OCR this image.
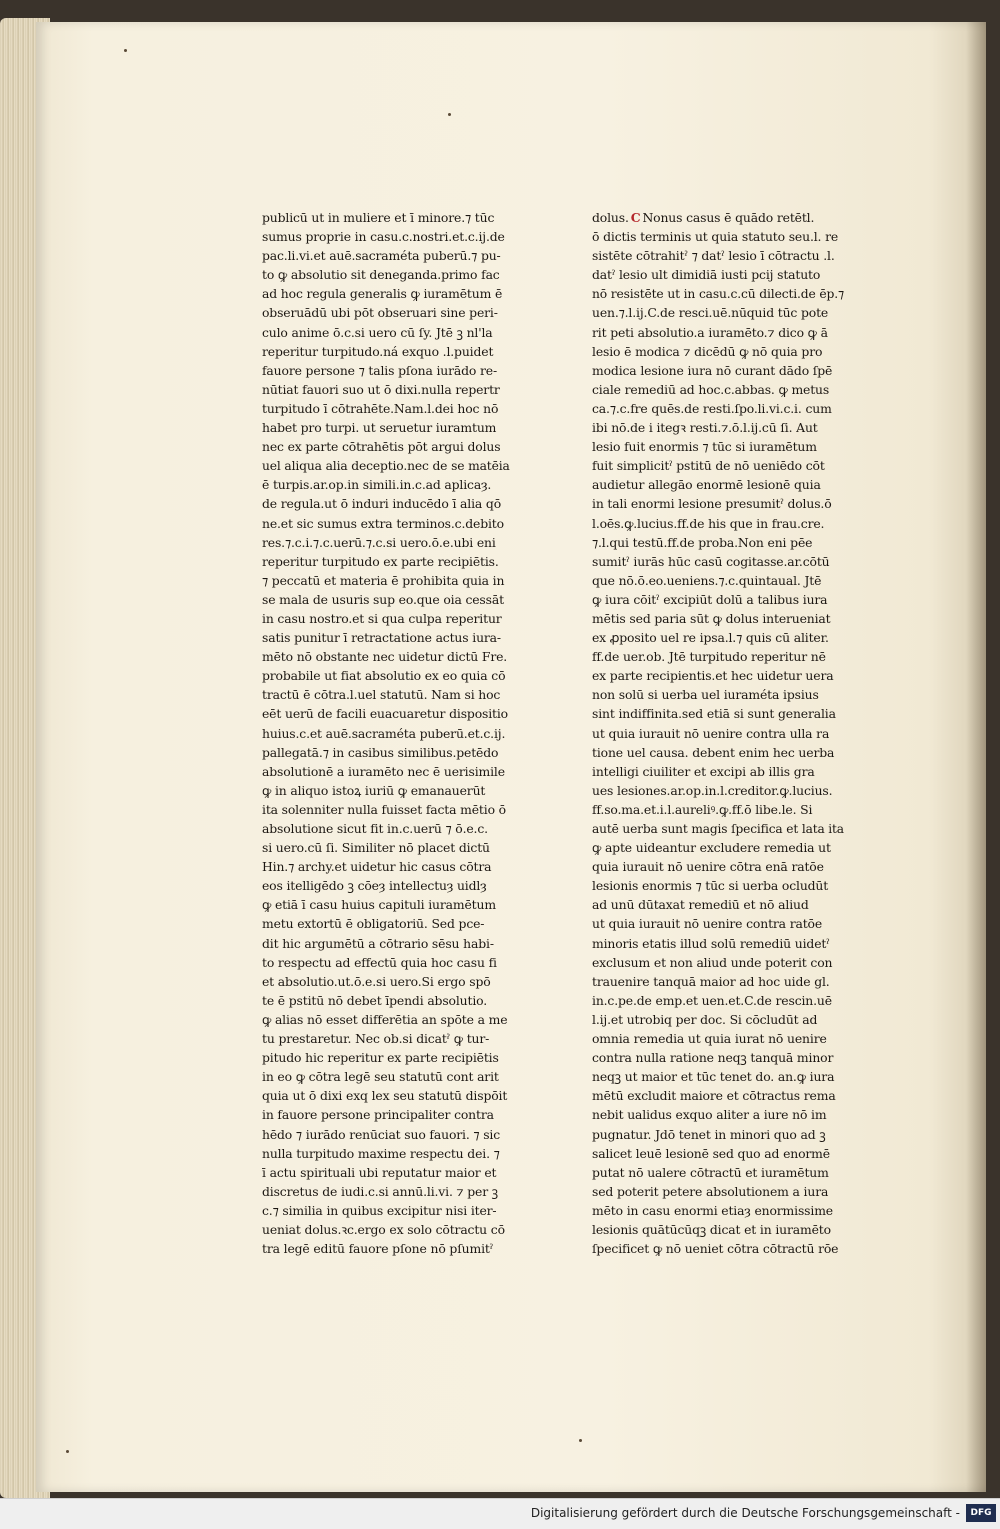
publicū ut in muliere et ī minore.⁊ tūc
sumus proprie in casu.c.nostri.et.c.ij.de
pac.li.vi.et auē.sacraméta puberū.⁊ pu-
to ꝙ absolutio sit deneganda.primo fac
ad hoc regula generalis ꝙ iuramētum ē
obseruādū ubi pōt obseruari sine peri-
culo anime ō.c.si uero cū ſy. Jtē ꝫ nl'la
reperitur turpitudo.ná exquo .l.puidet
fauore persone ⁊ talis pſona iurādo re-
nūtiat fauori suo ut ō dixi.nulla repertr
turpitudo ī cōtrahēte.Nam.l.dei hoc nō
habet pro turpi. ut seruetur iuramtum
nec ex parte cōtrahētis pōt argui dolus
uel aliqua alia deceptio.nec de se matēia
ē turpis.ar.op.in simili.in.c.ad aplicaȝ.
de regula.ut ō induri inducēdo ī alia qō
ne.et sic sumus extra terminos.c.debito
res.⁊.c.i.⁊.c.uerū.⁊.c.si uero.ō.e.ubi eni
reperitur turpitudo ex parte recipiētis.
⁊ peccatū et materia ē prohibita quia in
se mala de usuris sup eo.que oia cessāt
in casu nostro.et si qua culpa reperitur
satis punitur ī retractatione actus iura-
mēto nō obstante nec uidetur dictū Fre.
probabile ut fiat absolutio ex eo quia cō
tractū ē cōtra.l.uel statutū. Nam si hoc
eēt uerū de facili euacuaretur dispositio
huius.c.et auē.sacraméta puberū.et.c.ij.
pallegatā.⁊ in casibus similibus.petēdo
absolutionē a iuramēto nec ē uerisimile
ꝙ in aliquo istoꝝ iuriū ꝙ emanauerūt
ita solenniter nulla fuisset facta mētio ō
absolutione sicut fit in.c.uerū ⁊ ō.e.c.
si uero.cū ſi. Similiter nō placet dictū
Hin.⁊ archy.et uidetur hic casus cōtra
eos itelligēdo ꝫ cōeȝ intellectuȝ uidlȝ
ꝙ etiā ī casu huius capituli iuramētum
metu extortū ē obligatoriū. Sed pce-
dit hic argumētū a cōtrario sēsu habi-
to respectu ad effectū quia hoc casu fi
et absolutio.ut.ō.e.si uero.Si ergo spō
te ē pstitū nō debet īpendi absolutio.
ꝙ alias nō esset differētia an spōte a me
tu prestaretur. Nec ob.si dicatˀ ꝙ tur-
pitudo hic reperitur ex parte recipiētis
in eo ꝙ cōtra legē seu statutū cont arit
quia ut ō dixi exq lex seu statutū dispōit
in fauore persone principaliter contra
hēdo ⁊ iurādo renūciat suo fauori. ⁊ sic
nulla turpitudo maxime respectu dei. ⁊
ī actu spirituali ubi reputatur maior et
discretus de iudi.c.si annū.li.vi. ⁊ per ꝫ
c.⁊ similia in quibus excipitur nisi iter-
ueniat dolus.ꝛc.ergo ex solo cōtractu cō
tra legē editū fauore pſone nō pſumitˀ
dolus. C Nonus casus ē quādo retētl.
ō dictis terminis ut quia statuto seu.l. re
sistēte cōtrahitˀ ⁊ datˀ lesio ī cōtractu .l.
datˀ lesio ult dimidiā iusti pcij statuto
nō resistēte ut in casu.c.cū dilecti.de ēp.⁊
uen.⁊.l.ij.C.de resci.uē.nūquid tūc pote
rit peti absolutio.a iuramēto.⁊ dico ꝙ ā
lesio ē modica ⁊ dicēdū ꝙ nō quia pro
modica lesione iura nō curant dādo ſpē
ciale remediū ad hoc.c.abbas. ꝙ metus
ca.⁊.c.fre quēs.de resti.ſpo.li.vi.c.i. cum
ibi nō.de i itegꝛ resti.⁊.ō.l.ij.cū ſi. Aut
lesio fuit enormis ⁊ tūc si iuramētum
fuit simplicitˀ pstitū de nō ueniēdo cōt
audietur allegāo enormē lesionē quia
in tali enormi lesione presumitˀ dolus.ō
l.oēs.ꝙ.lucius.ff.de his que in frau.cre.
⁊.l.qui testū.ff.de proba.Non eni pēe
sumitˀ iurās hūc casū cogitasse.ar.cōtū
que nō.ō.eo.ueniens.⁊.c.quintaual. Jtē
ꝙ iura cōitˀ excipiūt dolū a talibus iura
mētis sed paria sūt ꝙ dolus interueniat
ex ꝓposito uel re ipsa.l.⁊ quis cū aliter.
ff.de uer.ob. Jtē turpitudo reperitur nē
ex parte recipientis.et hec uidetur uera
non solū si uerba uel iuraméta ipsius
sint indiffinita.sed etiā si sunt generalia
ut quia iurauit nō uenire contra ulla ra
tione uel causa. debent enim hec uerba
intelligi ciuiliter et excipi ab illis gra
ues lesiones.ar.op.in.l.creditor.ꝙ.lucius.
ff.so.ma.et.i.l.aureliꝰ.ꝙ.ff.ō libe.le. Si
autē uerba sunt magis ſpecifica et lata ita
ꝙ apte uideantur excludere remedia ut
quia iurauit nō uenire cōtra enā ratōe
lesionis enormis ⁊ tūc si uerba ocludūt
ad unū dūtaxat remediū et nō aliud
ut quia iurauit nō uenire contra ratōe
minoris etatis illud solū remediū uidetˀ
exclusum et non aliud unde poterit con
trauenire tanquā maior ad hoc uide gl.
in.c.pe.de emp.et uen.et.C.de rescin.uē
l.ij.et utrobiq per doc. Si cōcludūt ad
omnia remedia ut quia iurat nō uenire
contra nulla ratione neqꝫ tanquā minor
neqꝫ ut maior et tūc tenet do. an.ꝙ iura
mētū excludit maiore et cōtractus rema
nebit ualidus exquo aliter a iure nō im
pugnatur. Jdō tenet in minori quo ad ꝫ
salicet leuē lesionē sed quo ad enormē
putat nō ualere cōtractū et iuramētum
sed poterit petere absolutionem a iura
mēto in casu enormi etiaȝ enormissime
lesionis quātūcūqꝫ dicat et in iuramēto
ſpecificet ꝙ nō ueniet cōtra cōtractū rōe
Digitalisierung gefördert durch die Deutsche Forschungsgemeinschaft -	DFG
